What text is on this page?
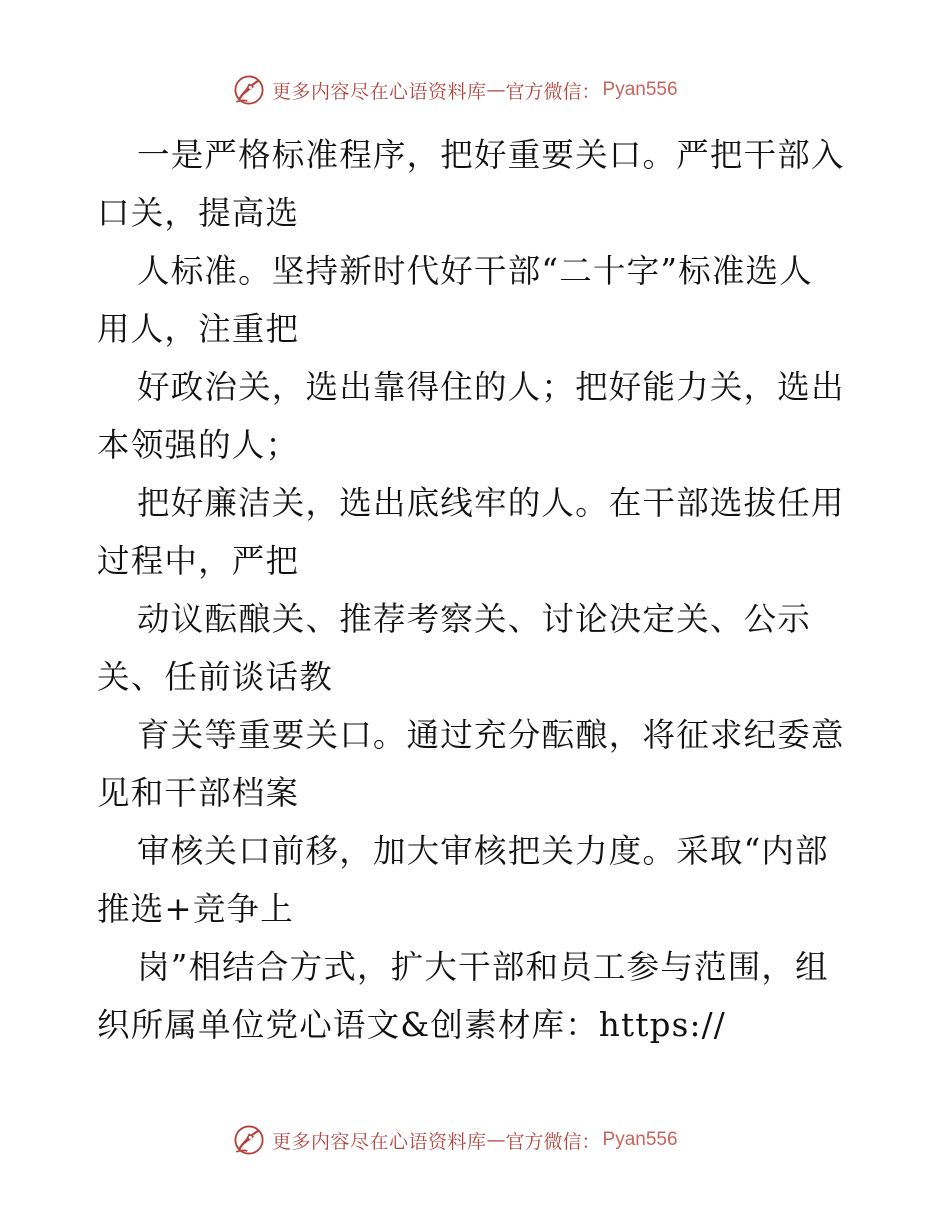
更多内容尽在心语资料库 — 官方微信： Pyan556
一是严格标准程序，把好重要关口。严把干部入
口关，提高选
人标准。坚持新时代好干部“二十字”标准选人
用人，注重把
好政治关，选出靠得住的人；把好能力关，选出
本领强的人；
把好廉洁关，选出底线牢的人。在干部选拔任用
过程中，严把
动议酝酿关、推荐考察关、讨论决定关、公示
关、任前谈话教
育关等重要关口。通过充分酝酿，将征求纪委意
见和干部档案
审核关口前移，加大审核把关力度。采取“内部
推选+竞争上
岗”相结合方式，扩大干部和员工参与范围，组
织所属单位党心语文&创素材库：https://
更多内容尽在心语资料库 — 官方微信： Pyan556
